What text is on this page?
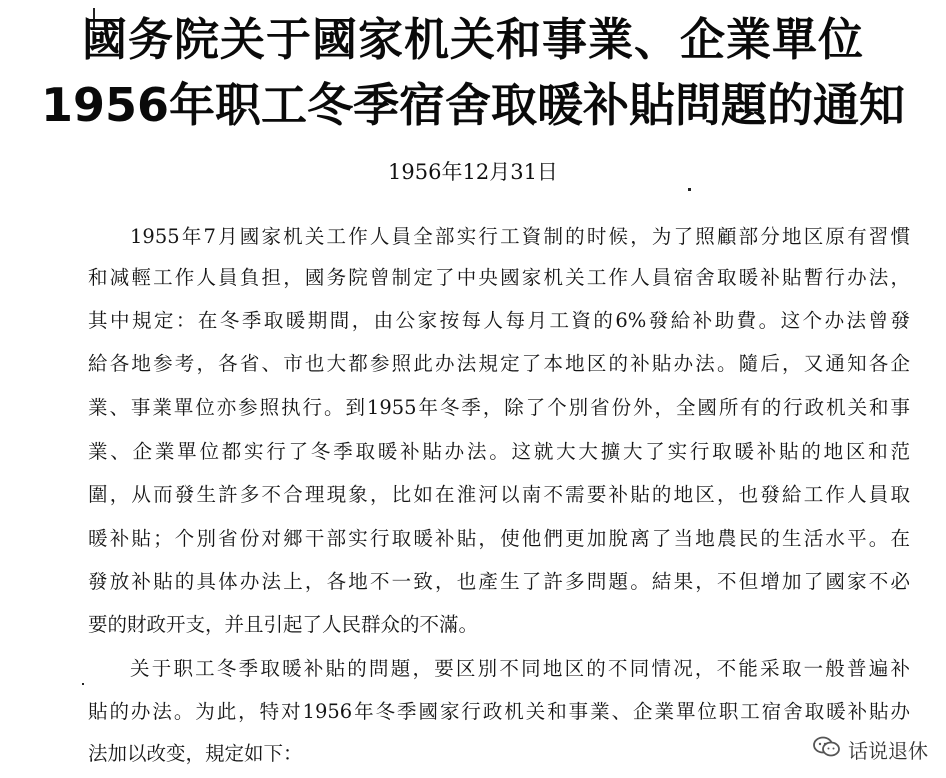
國务院关于國家机关和事業、企業單位
1956年职工冬季宿舍取暖补貼問題的通知
1956年12月31日
1955年7月國家机关工作人員全部实行工資制的时候，为了照顧部分地区原有習慣
和减輕工作人員負担，國务院曾制定了中央國家机关工作人員宿舍取暖补貼暫行办法，
其中規定：在冬季取暖期間，由公家按每人每月工資的6%發給补助費。这个办法曾發
給各地参考，各省、市也大都参照此办法規定了本地区的补貼办法。隨后，又通知各企
業、事業單位亦参照执行。到1955年冬季，除了个別省份外，全國所有的行政机关和事
業、企業單位都实行了冬季取暖补貼办法。这就大大擴大了实行取暖补貼的地区和范
圍，从而發生許多不合理現象，比如在淮河以南不需要补貼的地区，也發給工作人員取
暖补貼；个別省份对郷干部实行取暖补貼，使他們更加脫离了当地農民的生活水平。在
發放补貼的具体办法上，各地不一致，也產生了許多問題。結果，不但增加了國家不必
要的財政开支，并且引起了人民群众的不滿。
关于职工冬季取暖补貼的問題，要区別不同地区的不同情况，不能采取一般普遍补
貼的办法。为此，特对1956年冬季國家行政机关和事業、企業單位职工宿舍取暖补貼办
法加以改变，規定如下：	话说退休
